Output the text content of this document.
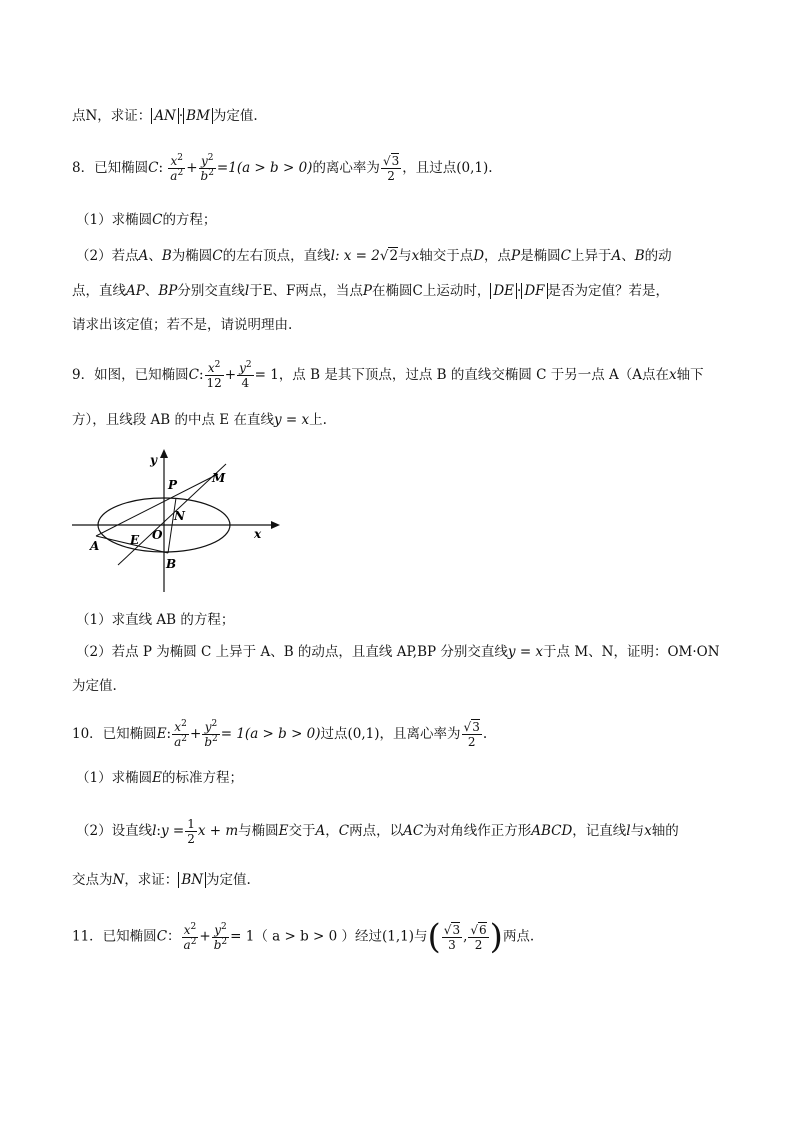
点N，求证： AN · BM 为定值.
8．已知椭圆C: $\frac{x^2}{a^2} + \frac{y^2}{b^2} =1(a > b > 0)$的离心率为 $\frac{√3}{2}$ ，且过点(0,1).
（1）求椭圆C的方程；
（2）若点A、B为椭圆C的左右顶点，直线l: x = 2√2与x轴交于点D，点P是椭圆C上异于A、B的动
点，直线AP、BP分别交直线l于E、F两点，当点P在椭圆C上运动时， DE · DF 是否为定值？若是，
请求出该定值；若不是，请说明理由.
9．如图，已知椭圆C: $\frac{x^2}{12} + \frac{y^2}{4} = 1$，点 B 是其下顶点，过点 B 的直线交椭圆 C 于另一点 A（A点在x轴下
方），且线段 AB 的中点 E 在直线y = x上.
y
x
P	M
N
A	E O
B
（1）求直线 AB 的方程；
（2）若点 P 为椭圆 C 上异于 A、B 的动点，且直线 AP,BP 分别交直线y = x于点 M、N，证明：OM·ON
为定值.
10．已知椭圆E: $\frac{x^2}{a^2} + \frac{y^2}{b^2} = 1(a > b > 0)$过点(0,1)，且离心率为 $\frac{√3}{2}$ .
（1）求椭圆E的标准方程；
（2）设直线l:y = $\frac{1}{2}$ x + m与椭圆E交于A，C两点，以AC为对角线作正方形ABCD，记直线l与x轴的
交点为N，求证： BN 为定值.
11．已知椭圆C： $\frac{x^2}{a^2} + \frac{y^2}{b^2} = 1$（ a > b > 0 ）经过(1,1)与( $\frac{√3}{3}$ , $\frac{√6}{2}$ )两点.
